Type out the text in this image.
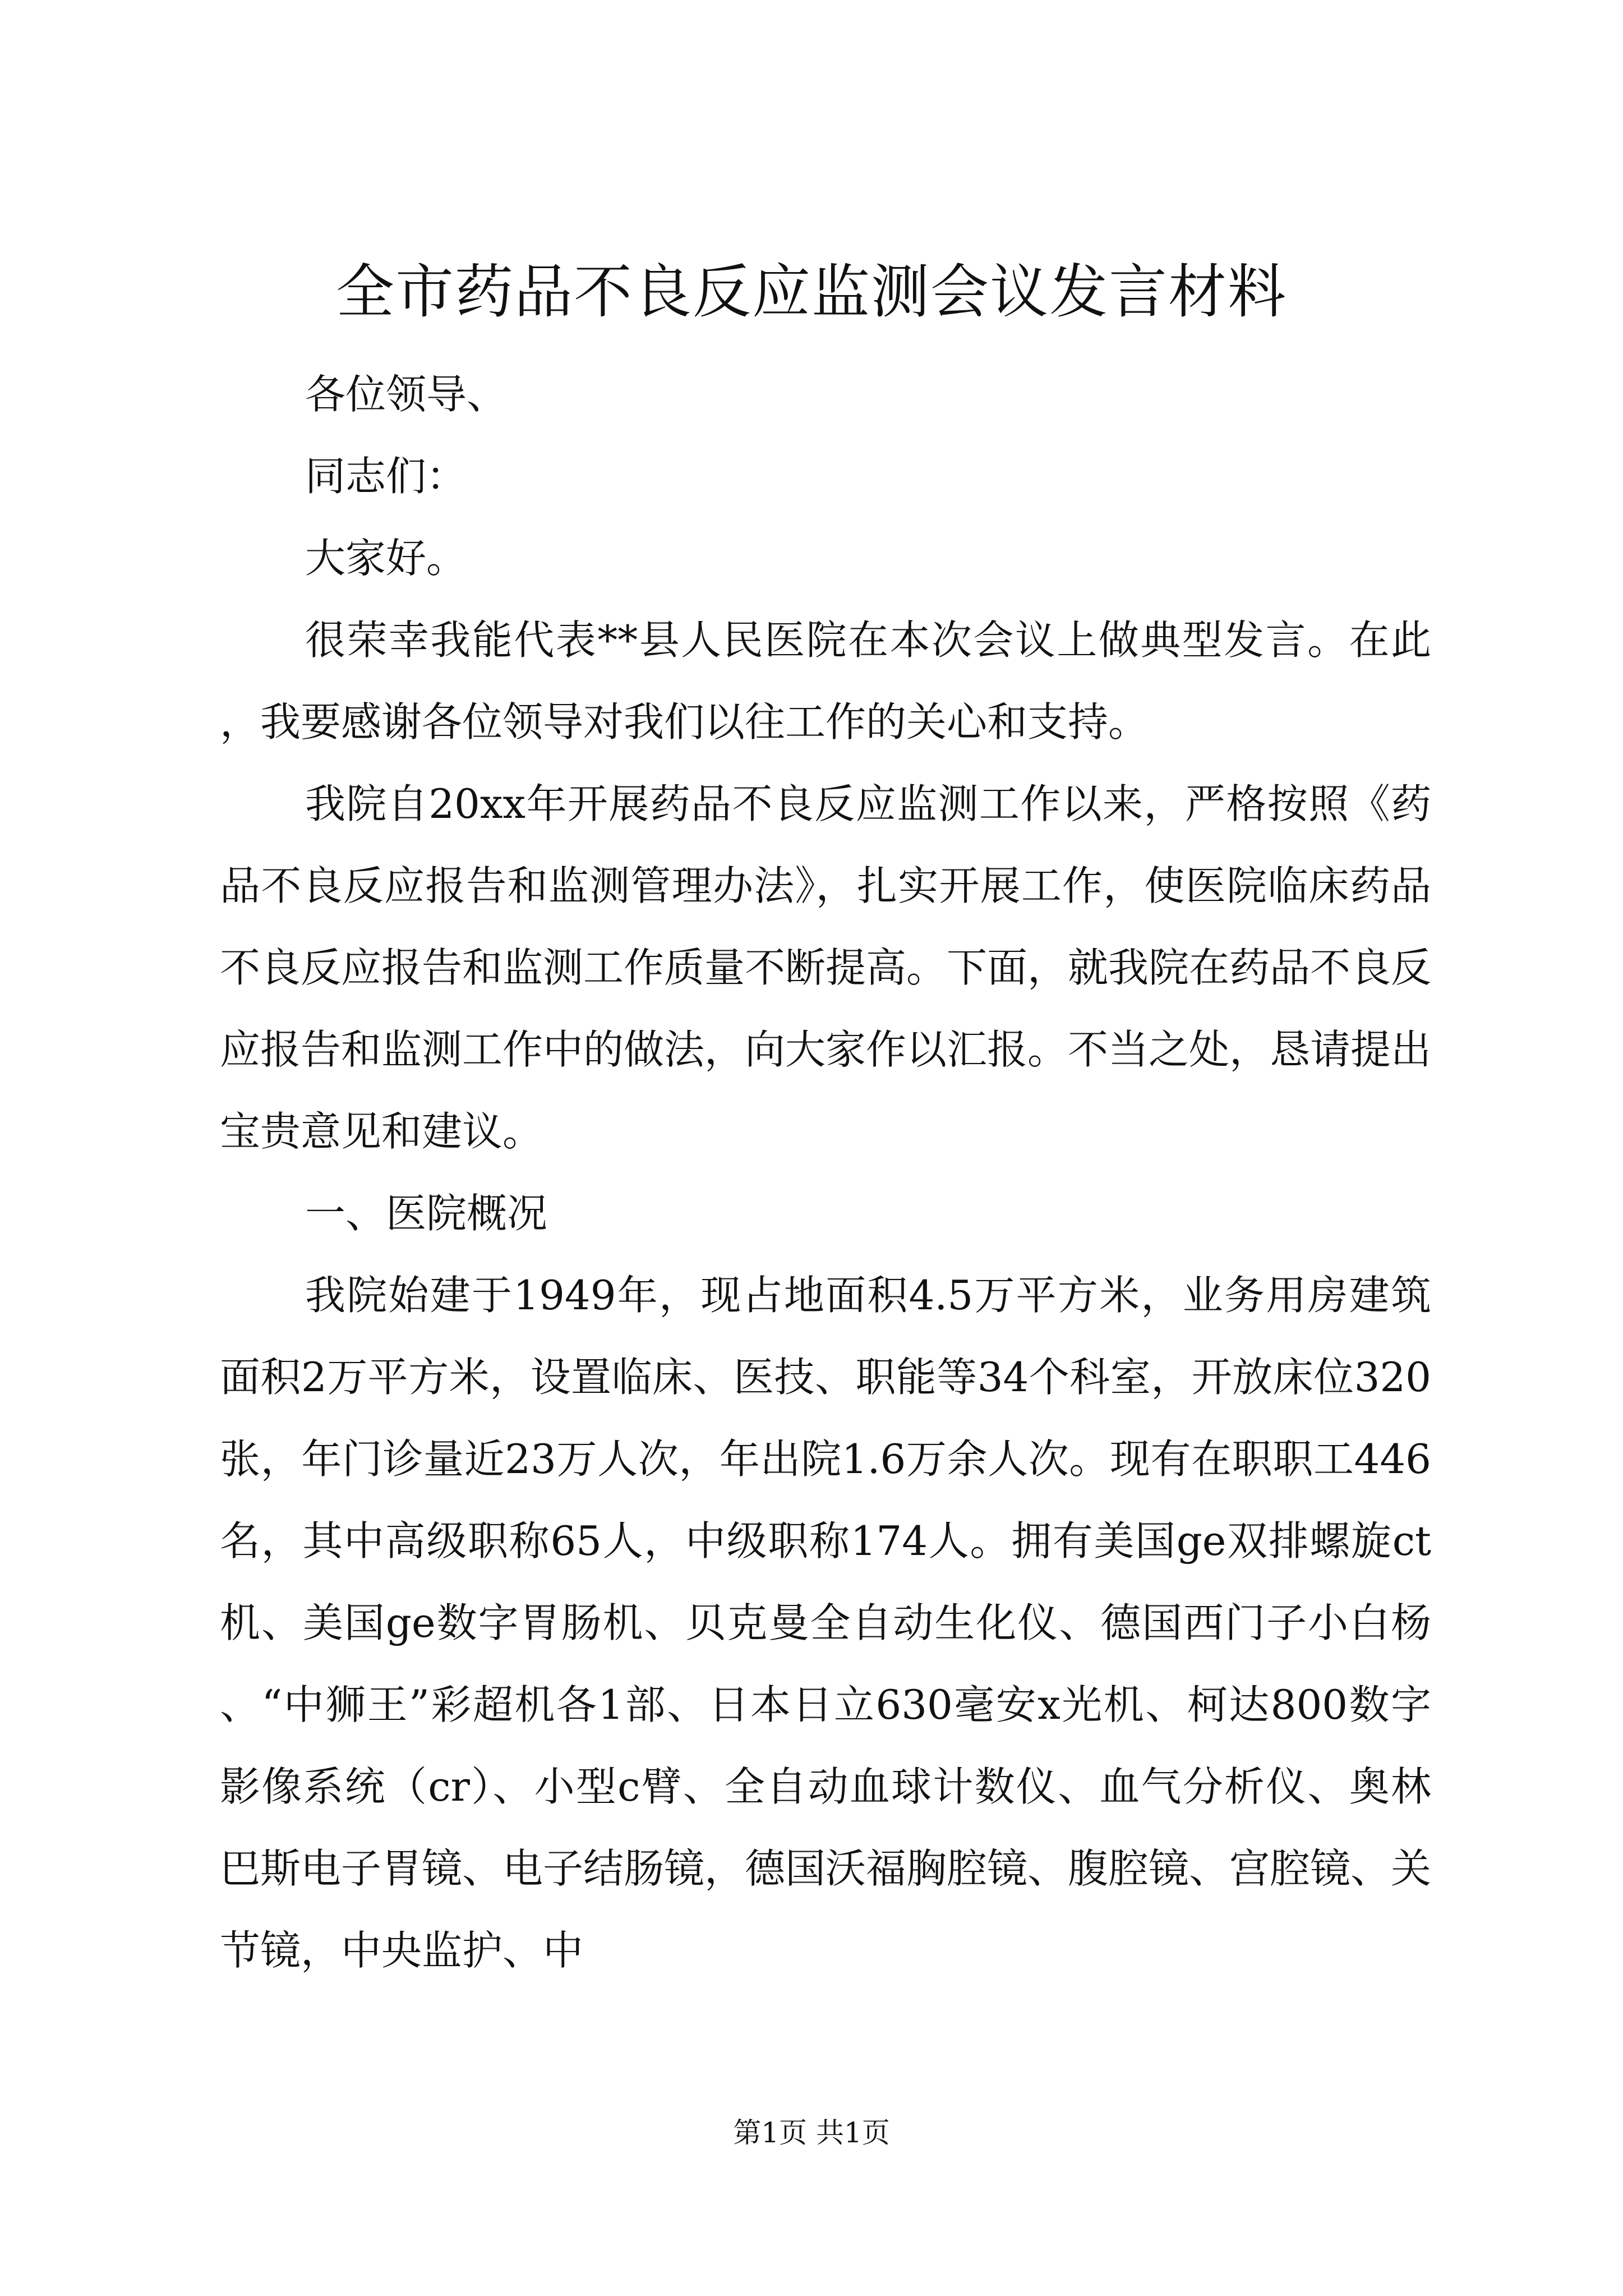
全市药品不良反应监测会议发言材料

各位领导、

同志们：

大家好。

很荣幸我能代表**县人民医院在本次会议上做典型发言。在此，我要感谢各位领导对我们以往工作的关心和支持。

我院自20xx年开展药品不良反应监测工作以来，严格按照《药品不良反应报告和监测管理办法》，扎实开展工作，使医院临床药品不良反应报告和监测工作质量不断提高。下面，就我院在药品不良反应报告和监测工作中的做法，向大家作以汇报。不当之处，恳请提出宝贵意见和建议。

一、医院概况

我院始建于1949年，现占地面积4.5万平方米，业务用房建筑面积2万平方米，设置临床、医技、职能等34个科室，开放床位320张，年门诊量近23万人次，年出院1.6万余人次。现有在职职工446名，其中高级职称65人，中级职称174人。拥有美国ge双排螺旋ct机、美国ge数字胃肠机、贝克曼全自动生化仪、德国西门子小白杨、“中狮王”彩超机各1部、日本日立630毫安x光机、柯达800数字影像系统（cr）、小型c臂、全自动血球计数仪、血气分析仪、奥林巴斯电子胃镜、电子结肠镜，德国沃福胸腔镜、腹腔镜、宫腔镜、关节镜，中央监护、中

第1页 共1页
